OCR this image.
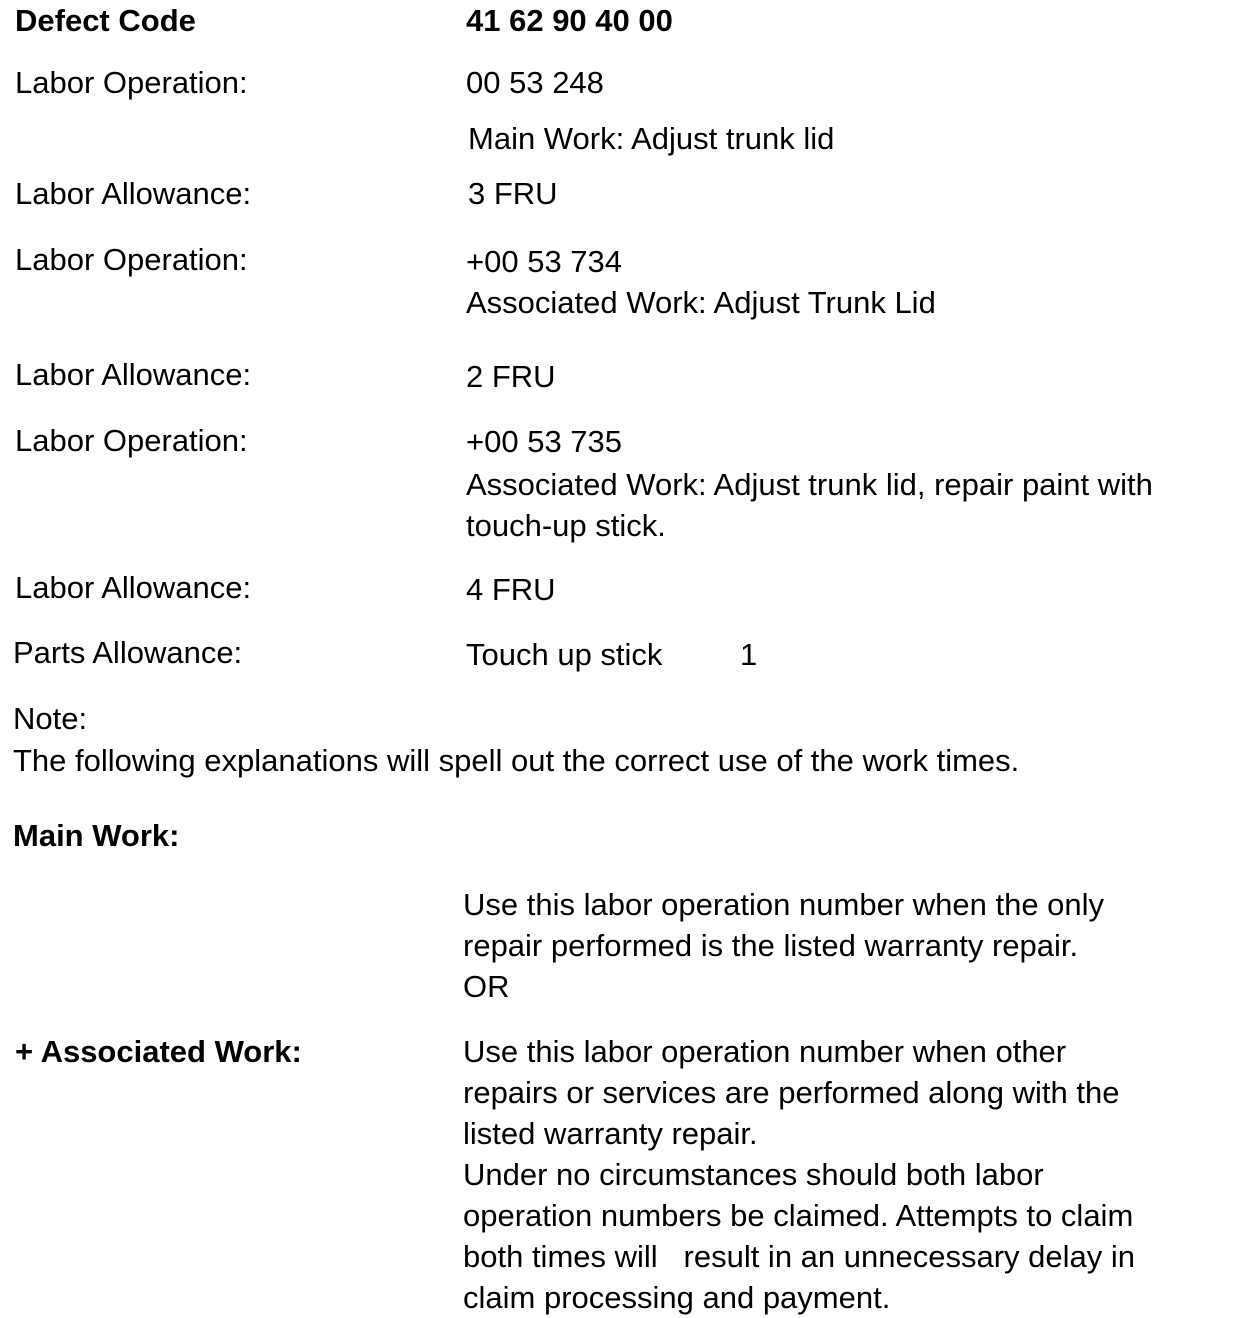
Defect Code	41 62 90 40 00
Labor Operation:	00 53 248
Main Work: Adjust trunk lid
Labor Allowance:	3 FRU
Labor Operation:	+00 53 734
Associated Work: Adjust Trunk Lid
Labor Allowance:	2 FRU
Labor Operation:	+00 53 735
Associated Work: Adjust trunk lid, repair paint with
touch-up stick.
Labor Allowance:	4 FRU
Parts Allowance:	Touch up stick	1
Note:
The following explanations will spell out the correct use of the work times.
Main Work:
Use this labor operation number when the only
repair performed is the listed warranty repair.
OR
+ Associated Work:	Use this labor operation number when other
repairs or services are performed along with the
listed warranty repair.
Under no circumstances should both labor
operation numbers be claimed. Attempts to claim
both times will   result in an unnecessary delay in
claim processing and payment.
